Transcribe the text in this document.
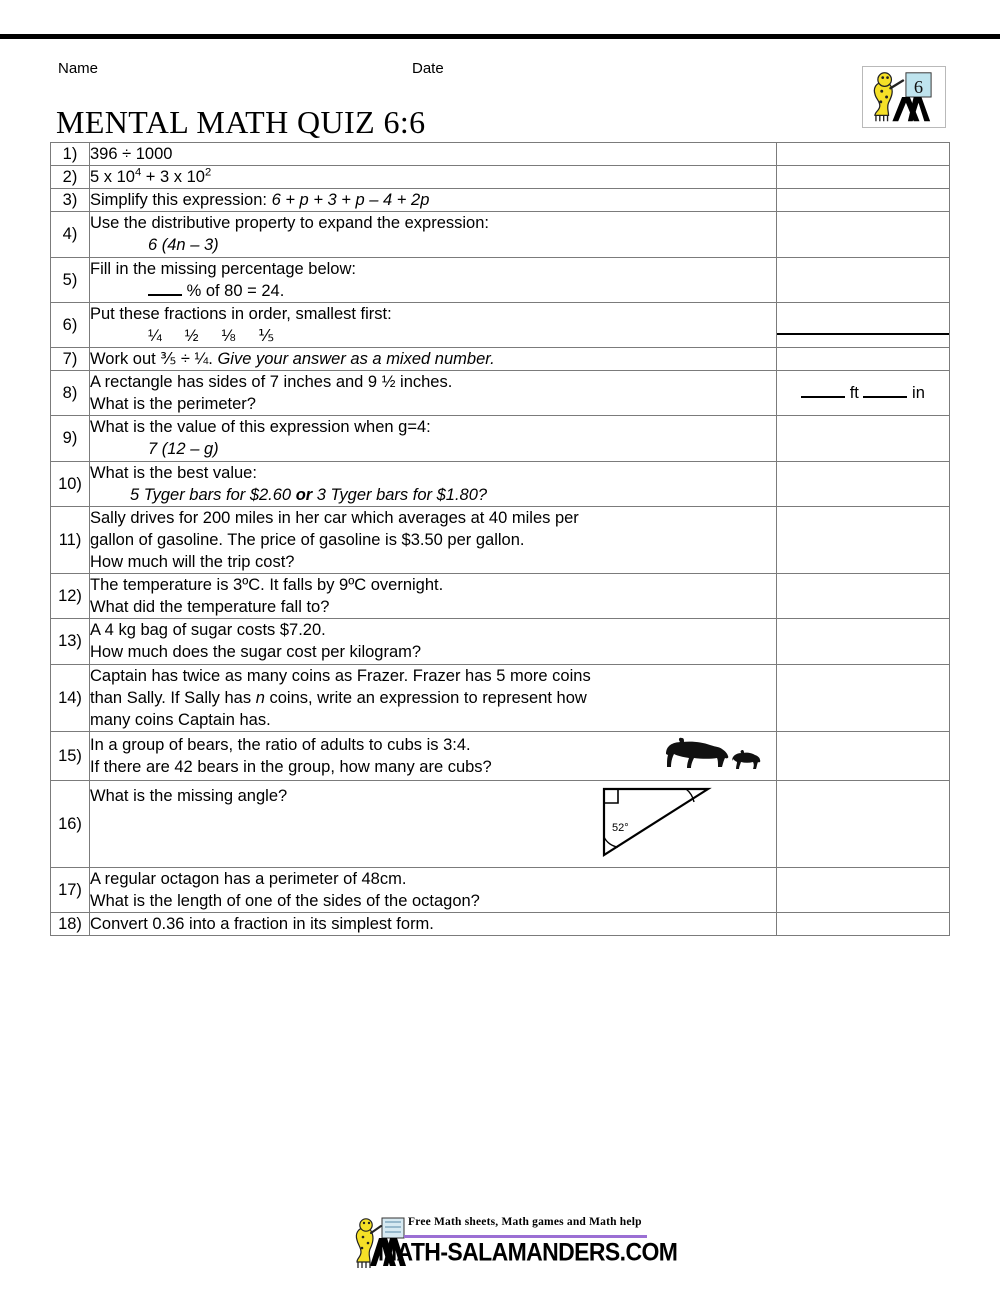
Name	Date
MENTAL MATH QUIZ 6:6
6
1)	396 ÷ 1000	
2)	5 x $10^4 + 3$ x $10^2$	
3)	Simplify this expression: 6 + p + 3 + p – 4 + 2p	
4)	Use the distributive property to expand the expression:
6 (4n – 3)	

5)	Fill in the missing percentage below:
% of 80 = 24.	

6)	Put these fractions in order, smallest first:
¼ ½ ⅛ ⅕	

7)	Work out ⅗ ÷ ¼. Give your answer as a mixed number.	
8)	A rectangle has sides of 7 inches and 9 ½ inches.
What is the perimeter?	ft in

9)	What is the value of this expression when g=4:
7 (12 – g)	

10)	What is the best value:
5 Tyger bars for $2.60 or 3 Tyger bars for $1.80?	

11)	Sally drives for 200 miles in her car which averages at 40 miles per
gallon of gasoline. The price of gasoline is $3.50 per gallon.
How much will the trip cost?	
12)	The temperature is 3ºC. It falls by 9ºC overnight.
What did the temperature fall to?	
13)	A 4 kg bag of sugar costs $7.20.
How much does the sugar cost per kilogram?	
14)	Captain has twice as many coins as Frazer. Frazer has 5 more coins
than Sally. If Sally has n coins, write an expression to represent how
many coins Captain has.	
15)	In a group of bears, the ratio of adults to cubs is 3:4.
If there are 42 bears in the group, how many are cubs?	

16)	What is the missing angle?
52°	

17)	A regular octagon has a perimeter of 48cm.
What is the length of one of the sides of the octagon?	
18)	Convert 0.36 into a fraction in its simplest form.	
Free Math sheets, Math games and Math help
MATH-SALAMANDERS.COM
